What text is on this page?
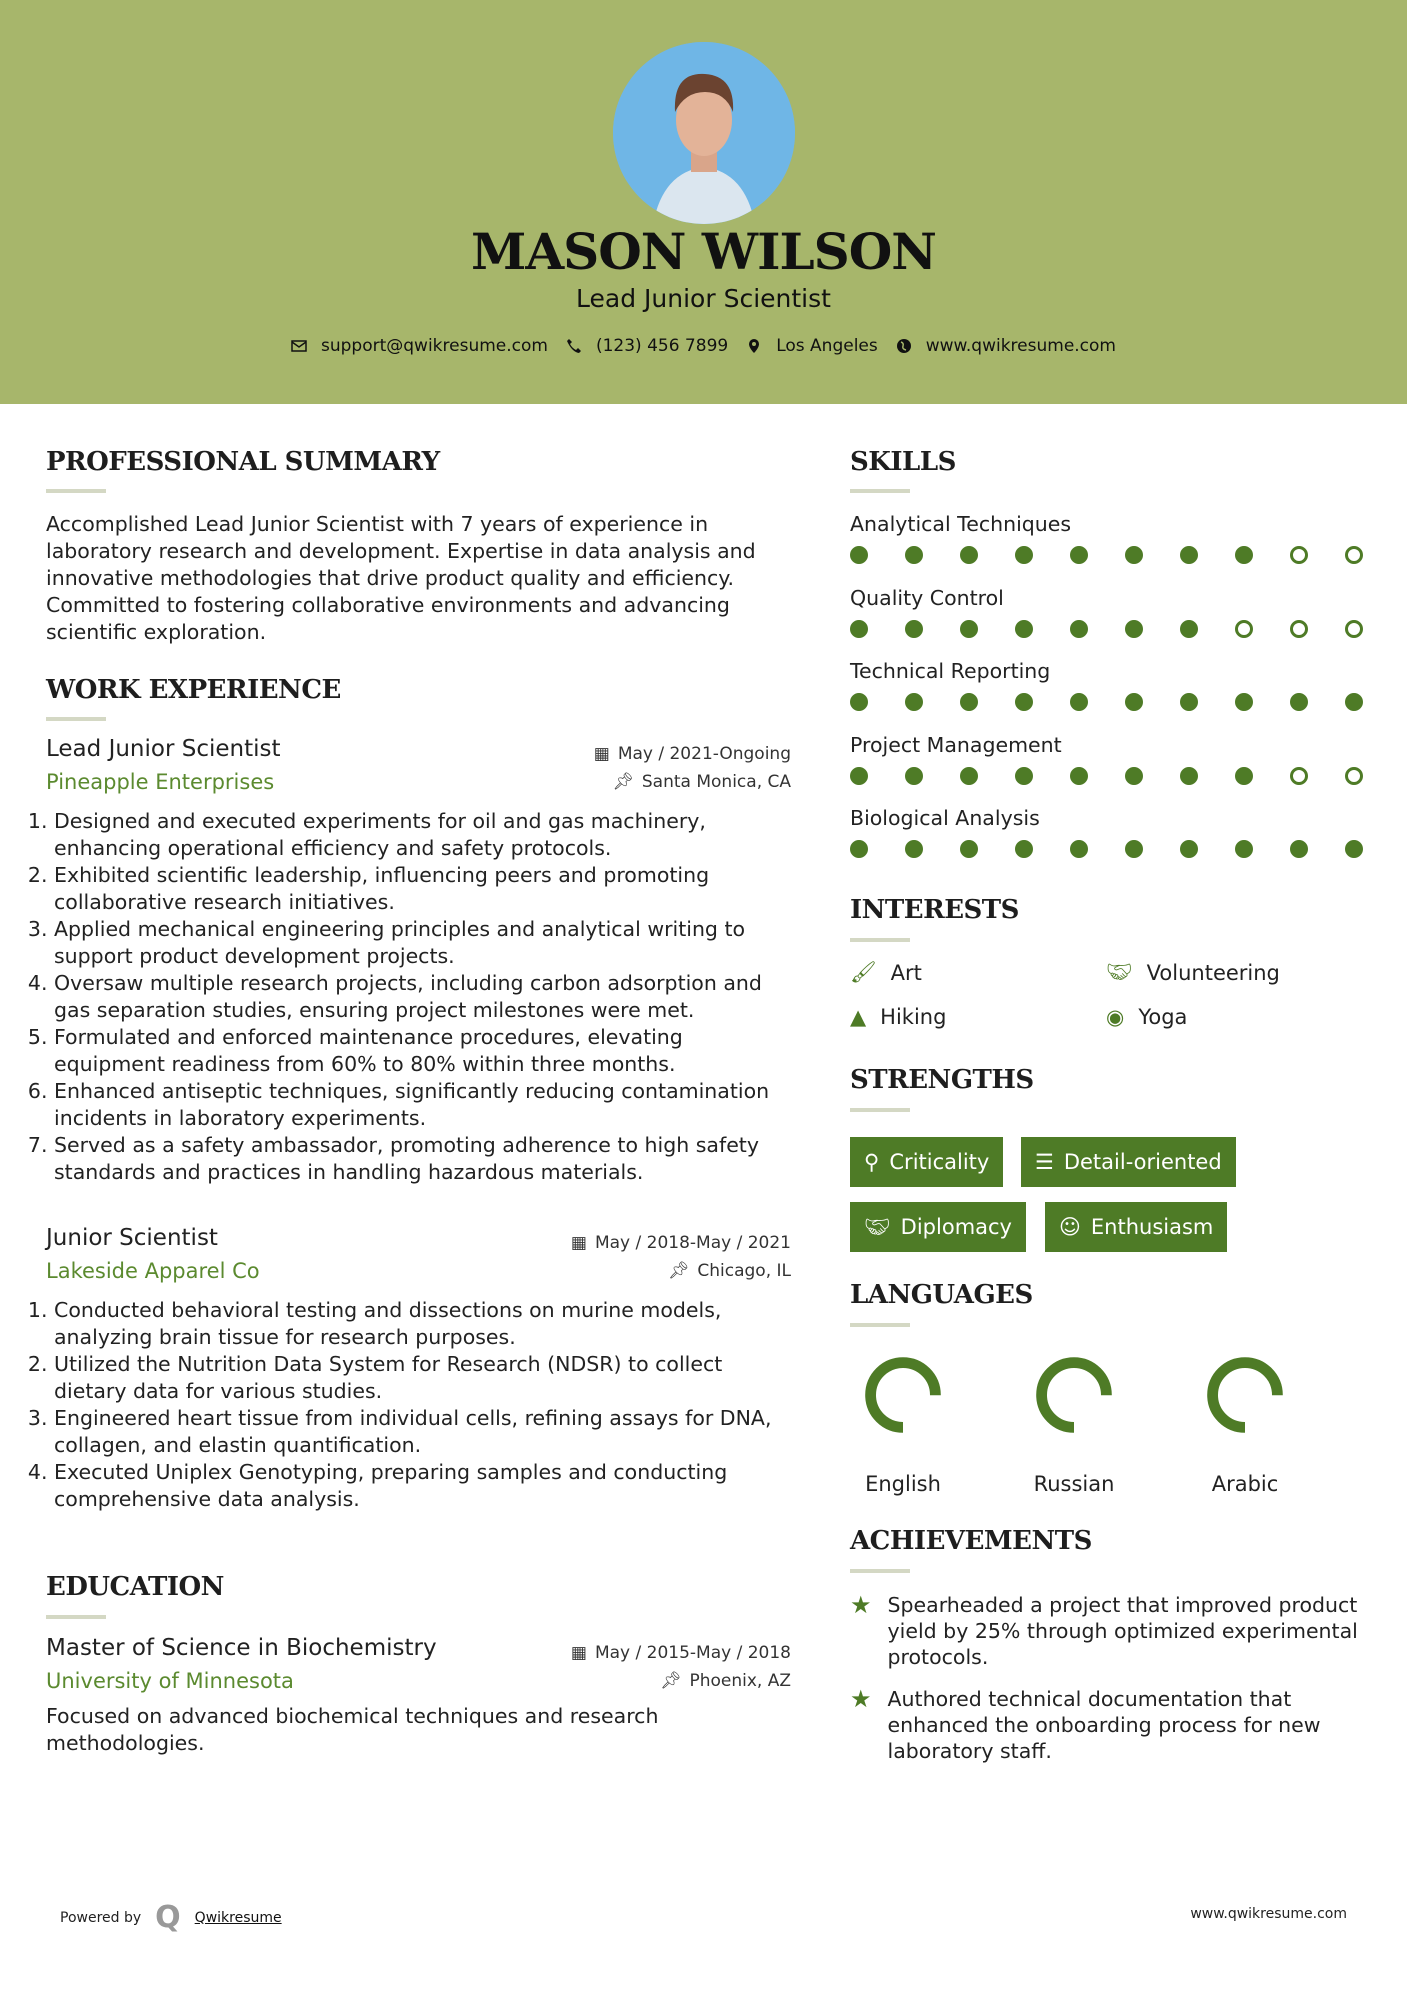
MASON WILSON
Lead Junior Scientist
support@qwikresume.com	(123) 456 7899	Los Angeles	www.qwikresume.com
PROFESSIONAL SUMMARY
Accomplished Lead Junior Scientist with 7 years of experience in laboratory research and development. Expertise in data analysis and innovative methodologies that drive product quality and efficiency. Committed to fostering collaborative environments and advancing scientific exploration.
WORK EXPERIENCE
Lead Junior Scientist	▦ May / 2021-Ongoing
Pineapple Enterprises	📌︎ Santa Monica, CA
1. Designed and executed experiments for oil and gas machinery, enhancing operational efficiency and safety protocols.
2. Exhibited scientific leadership, influencing peers and promoting collaborative research initiatives.
3. Applied mechanical engineering principles and analytical writing to support product development projects.
4. Oversaw multiple research projects, including carbon adsorption and gas separation studies, ensuring project milestones were met.
5. Formulated and enforced maintenance procedures, elevating equipment readiness from 60% to 80% within three months.
6. Enhanced antiseptic techniques, significantly reducing contamination incidents in laboratory experiments.
7. Served as a safety ambassador, promoting adherence to high safety standards and practices in handling hazardous materials.
Junior Scientist	▦ May / 2018-May / 2021
Lakeside Apparel Co	📌︎ Chicago, IL
1. Conducted behavioral testing and dissections on murine models, analyzing brain tissue for research purposes.
2. Utilized the Nutrition Data System for Research (NDSR) to collect dietary data for various studies.
3. Engineered heart tissue from individual cells, refining assays for DNA, collagen, and elastin quantification.
4. Executed Uniplex Genotyping, preparing samples and conducting comprehensive data analysis.
EDUCATION
Master of Science in Biochemistry	▦ May / 2015-May / 2018
University of Minnesota	📌︎ Phoenix, AZ
Focused on advanced biochemical techniques and research methodologies.
SKILLS
Analytical Techniques
Quality Control
Technical Reporting
Project Management
Biological Analysis
INTERESTS
🖌︎ Art	🤝︎ Volunteering
▲ Hiking	◉ Yoga
STRENGTHS
⚲ Criticality ☰ Detail-oriented
🤝︎ Diplomacy ☺ Enthusiasm
LANGUAGES
English	Russian	Arabic
ACHIEVEMENTS
★ Spearheaded a project that improved product yield by 25% through optimized experimental protocols.
★ Authored technical documentation that enhanced the onboarding process for new laboratory staff.
Powered by Q Qwikresume	www.qwikresume.com
